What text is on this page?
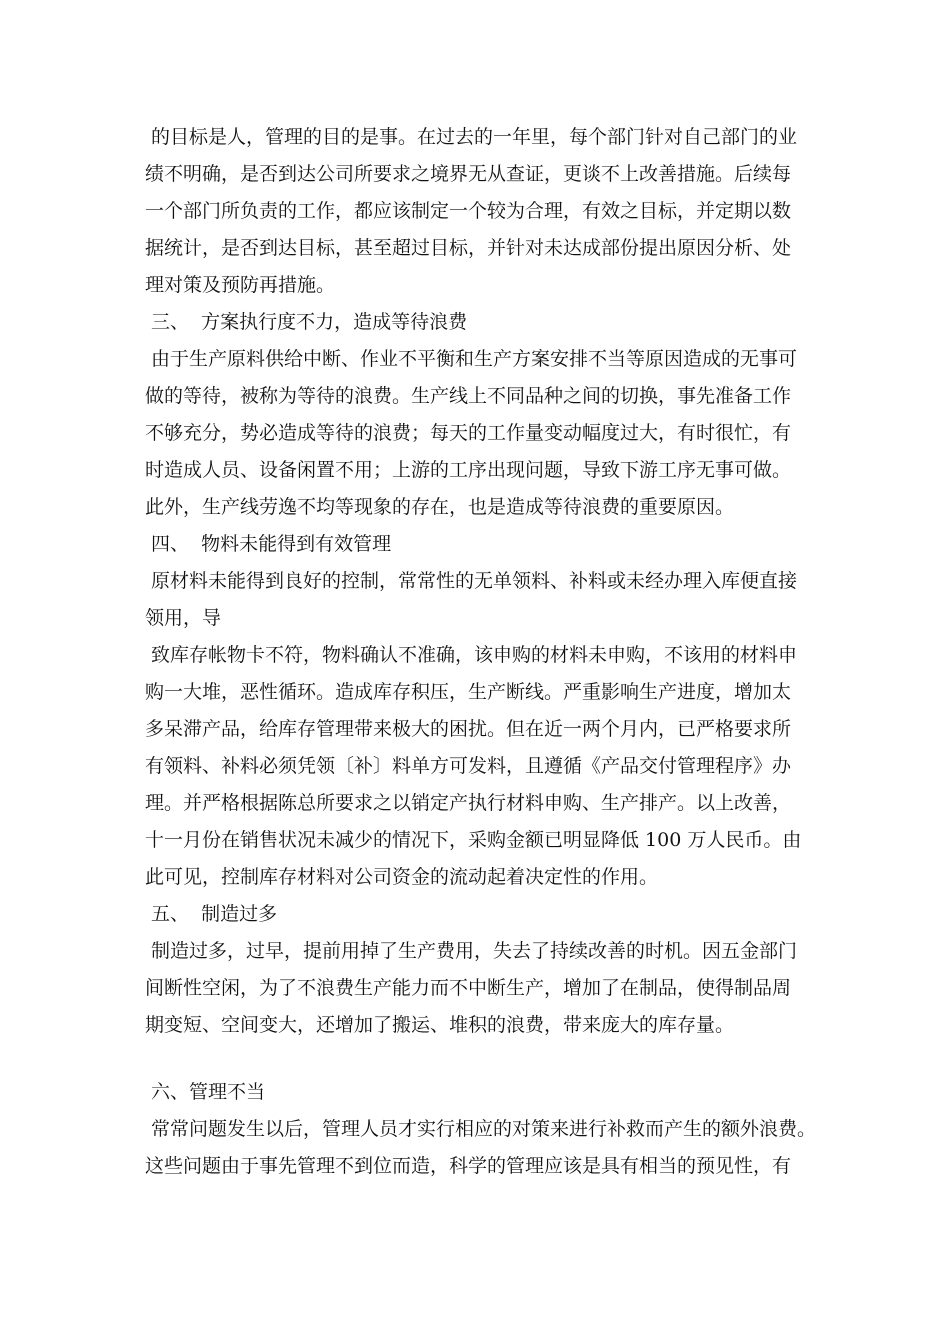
的目标是人，管理的目的是事。在过去的一年里，每个部门针对自己部门的业

绩不明确，是否到达公司所要求之境界无从查证，更谈不上改善措施。后续每

一个部门所负责的工作，都应该制定一个较为合理，有效之目标，并定期以数

据统计，是否到达目标，甚至超过目标，并针对未达成部份提出原因分析、处

理对策及预防再措施。

三、  方案执行度不力，造成等待浪费

由于生产原料供给中断、作业不平衡和生产方案安排不当等原因造成的无事可

做的等待，被称为等待的浪费。生产线上不同品种之间的切换，事先准备工作

不够充分，势必造成等待的浪费；每天的工作量变动幅度过大，有时很忙，有

时造成人员、设备闲置不用；上游的工序出现问题，导致下游工序无事可做。

此外，生产线劳逸不均等现象的存在，也是造成等待浪费的重要原因。

四、  物料未能得到有效管理

原材料未能得到良好的控制，常常性的无单领料、补料或未经办理入库便直接

领用，导

致库存帐物卡不符，物料确认不准确，该申购的材料未申购，不该用的材料申

购一大堆，恶性循环。造成库存积压，生产断线。严重影响生产进度，增加太

多呆滞产品，给库存管理带来极大的困扰。但在近一两个月内，已严格要求所

有领料、补料必须凭领〔补〕料单方可发料，且遵循《产品交付管理程序》办

理。并严格根据陈总所要求之以销定产执行材料申购、生产排产。以上改善，

十一月份在销售状况未减少的情况下，采购金额已明显降低 100 万人民币。由

此可见，控制库存材料对公司资金的流动起着决定性的作用。

五、  制造过多

制造过多，过早，提前用掉了生产费用，失去了持续改善的时机。因五金部门

间断性空闲，为了不浪费生产能力而不中断生产，增加了在制品，使得制品周

期变短、空间变大，还增加了搬运、堆积的浪费，带来庞大的库存量。

六、管理不当

常常问题发生以后，管理人员才实行相应的对策来进行补救而产生的额外浪费。

这些问题由于事先管理不到位而造，科学的管理应该是具有相当的预见性，有
